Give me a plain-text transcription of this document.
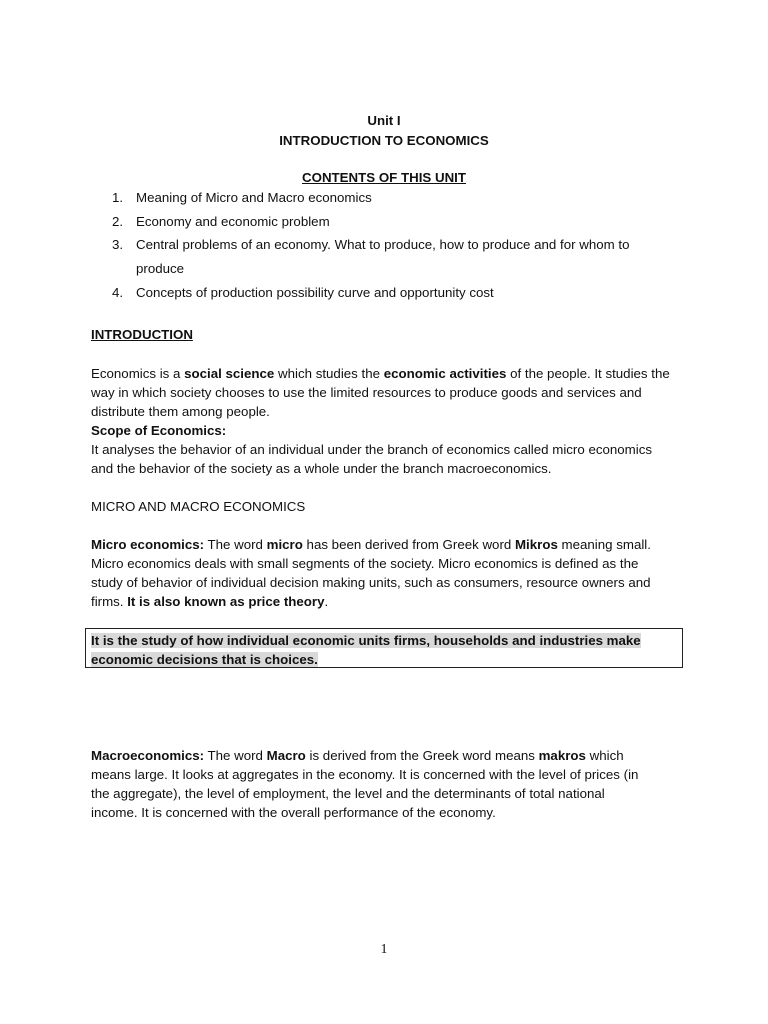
Unit I
INTRODUCTION TO ECONOMICS
CONTENTS OF THIS UNIT
1. Meaning of Micro and Macro economics
2. Economy and economic problem
3. Central problems of an economy. What to produce, how to produce and for whom to
produce
4. Concepts of production possibility curve and opportunity cost
INTRODUCTION
Economics is a social science which studies the economic activities of the people. It studies the
way in which society chooses to use the limited resources to produce goods and services and
distribute them among people.
Scope of Economics:
It analyses the behavior of an individual under the branch of economics called micro economics
and the behavior of the society as a whole under the branch macroeconomics.
MICRO AND MACRO ECONOMICS
Micro economics: The word micro has been derived from Greek word Mikros meaning small.
Micro economics deals with small segments of the society. Micro economics is defined as the
study of behavior of individual decision making units, such as consumers, resource owners and
firms. It is also known as price theory.
It is the study of how individual economic units firms, households and industries make
economic decisions that is choices.
Macroeconomics: The word Macro is derived from the Greek word means makros which
means large. It looks at aggregates in the economy. It is concerned with the level of prices (in
the aggregate), the level of employment, the level and the determinants of total national
income. It is concerned with the overall performance of the economy.
1
